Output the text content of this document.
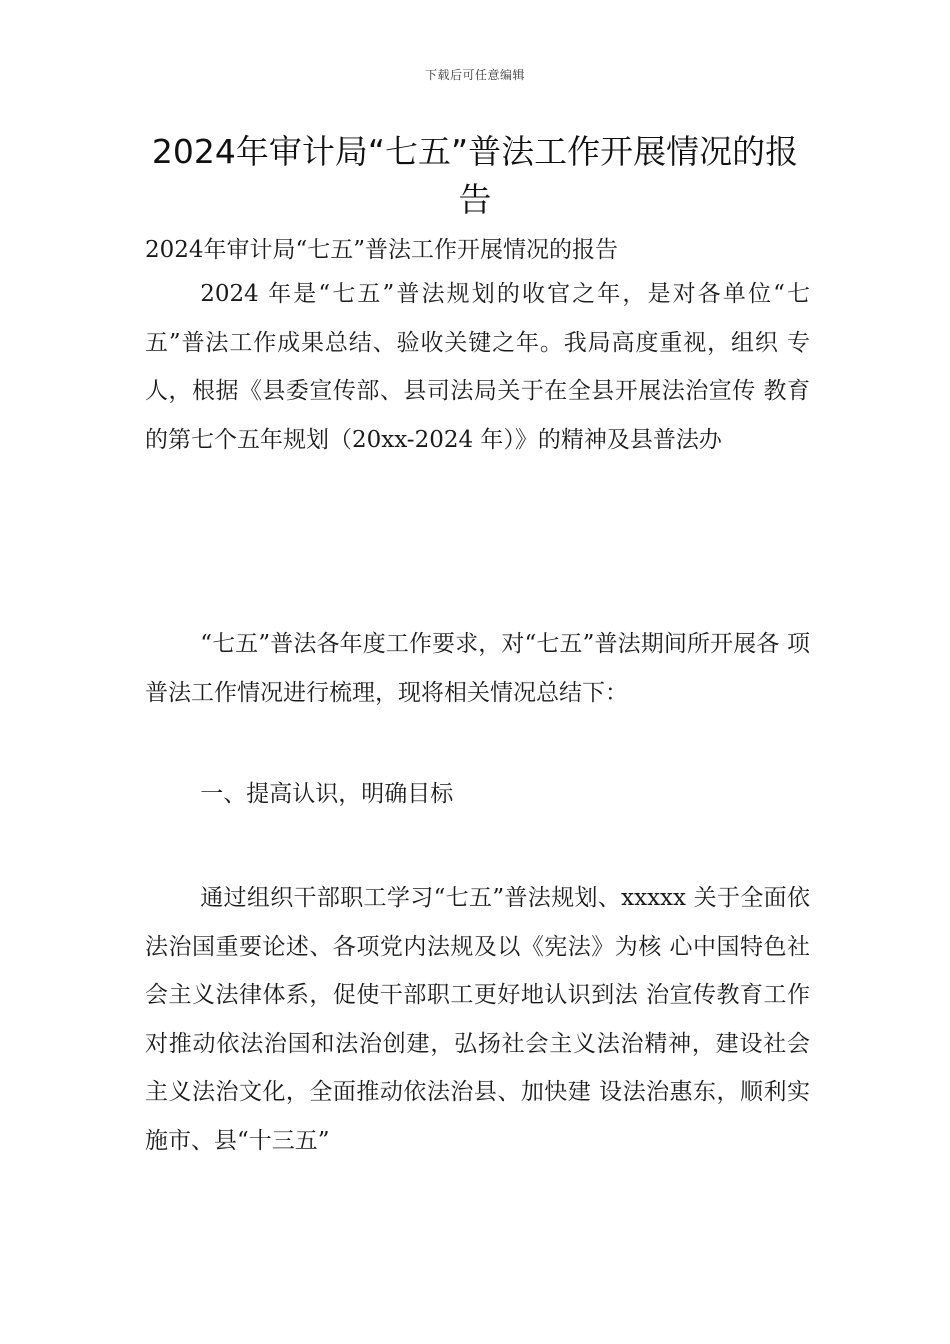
下载后可任意编辑
2024年审计局“七五”普法工作开展情况的报告

2024年审计局“七五”普法工作开展情况的报告

2024 年是“七五”普法规划的收官之年，是对各单位“七五”普法工作成果总结、验收关键之年。我局高度重视，组织 专人，根据《县委宣传部、县司法局关于在全县开展法治宣传 教育的第七个五年规划（20xx-2024 年）》的精神及县普法办

“七五”普法各年度工作要求，对“七五”普法期间所开展各 项普法工作情况进行梳理，现将相关情况总结下：

一、提高认识，明确目标

通过组织干部职工学习“七五”普法规划、xxxxx 关于全面依法治国重要论述、各项党内法规及以《宪法》为核 心中国特色社会主义法律体系，促使干部职工更好地认识到法 治宣传教育工作对推动依法治国和法治创建，弘扬社会主义法治精神，建设社会主义法治文化，全面推动依法治县、加快建 设法治惠东，顺利实施市、县“十三五”
